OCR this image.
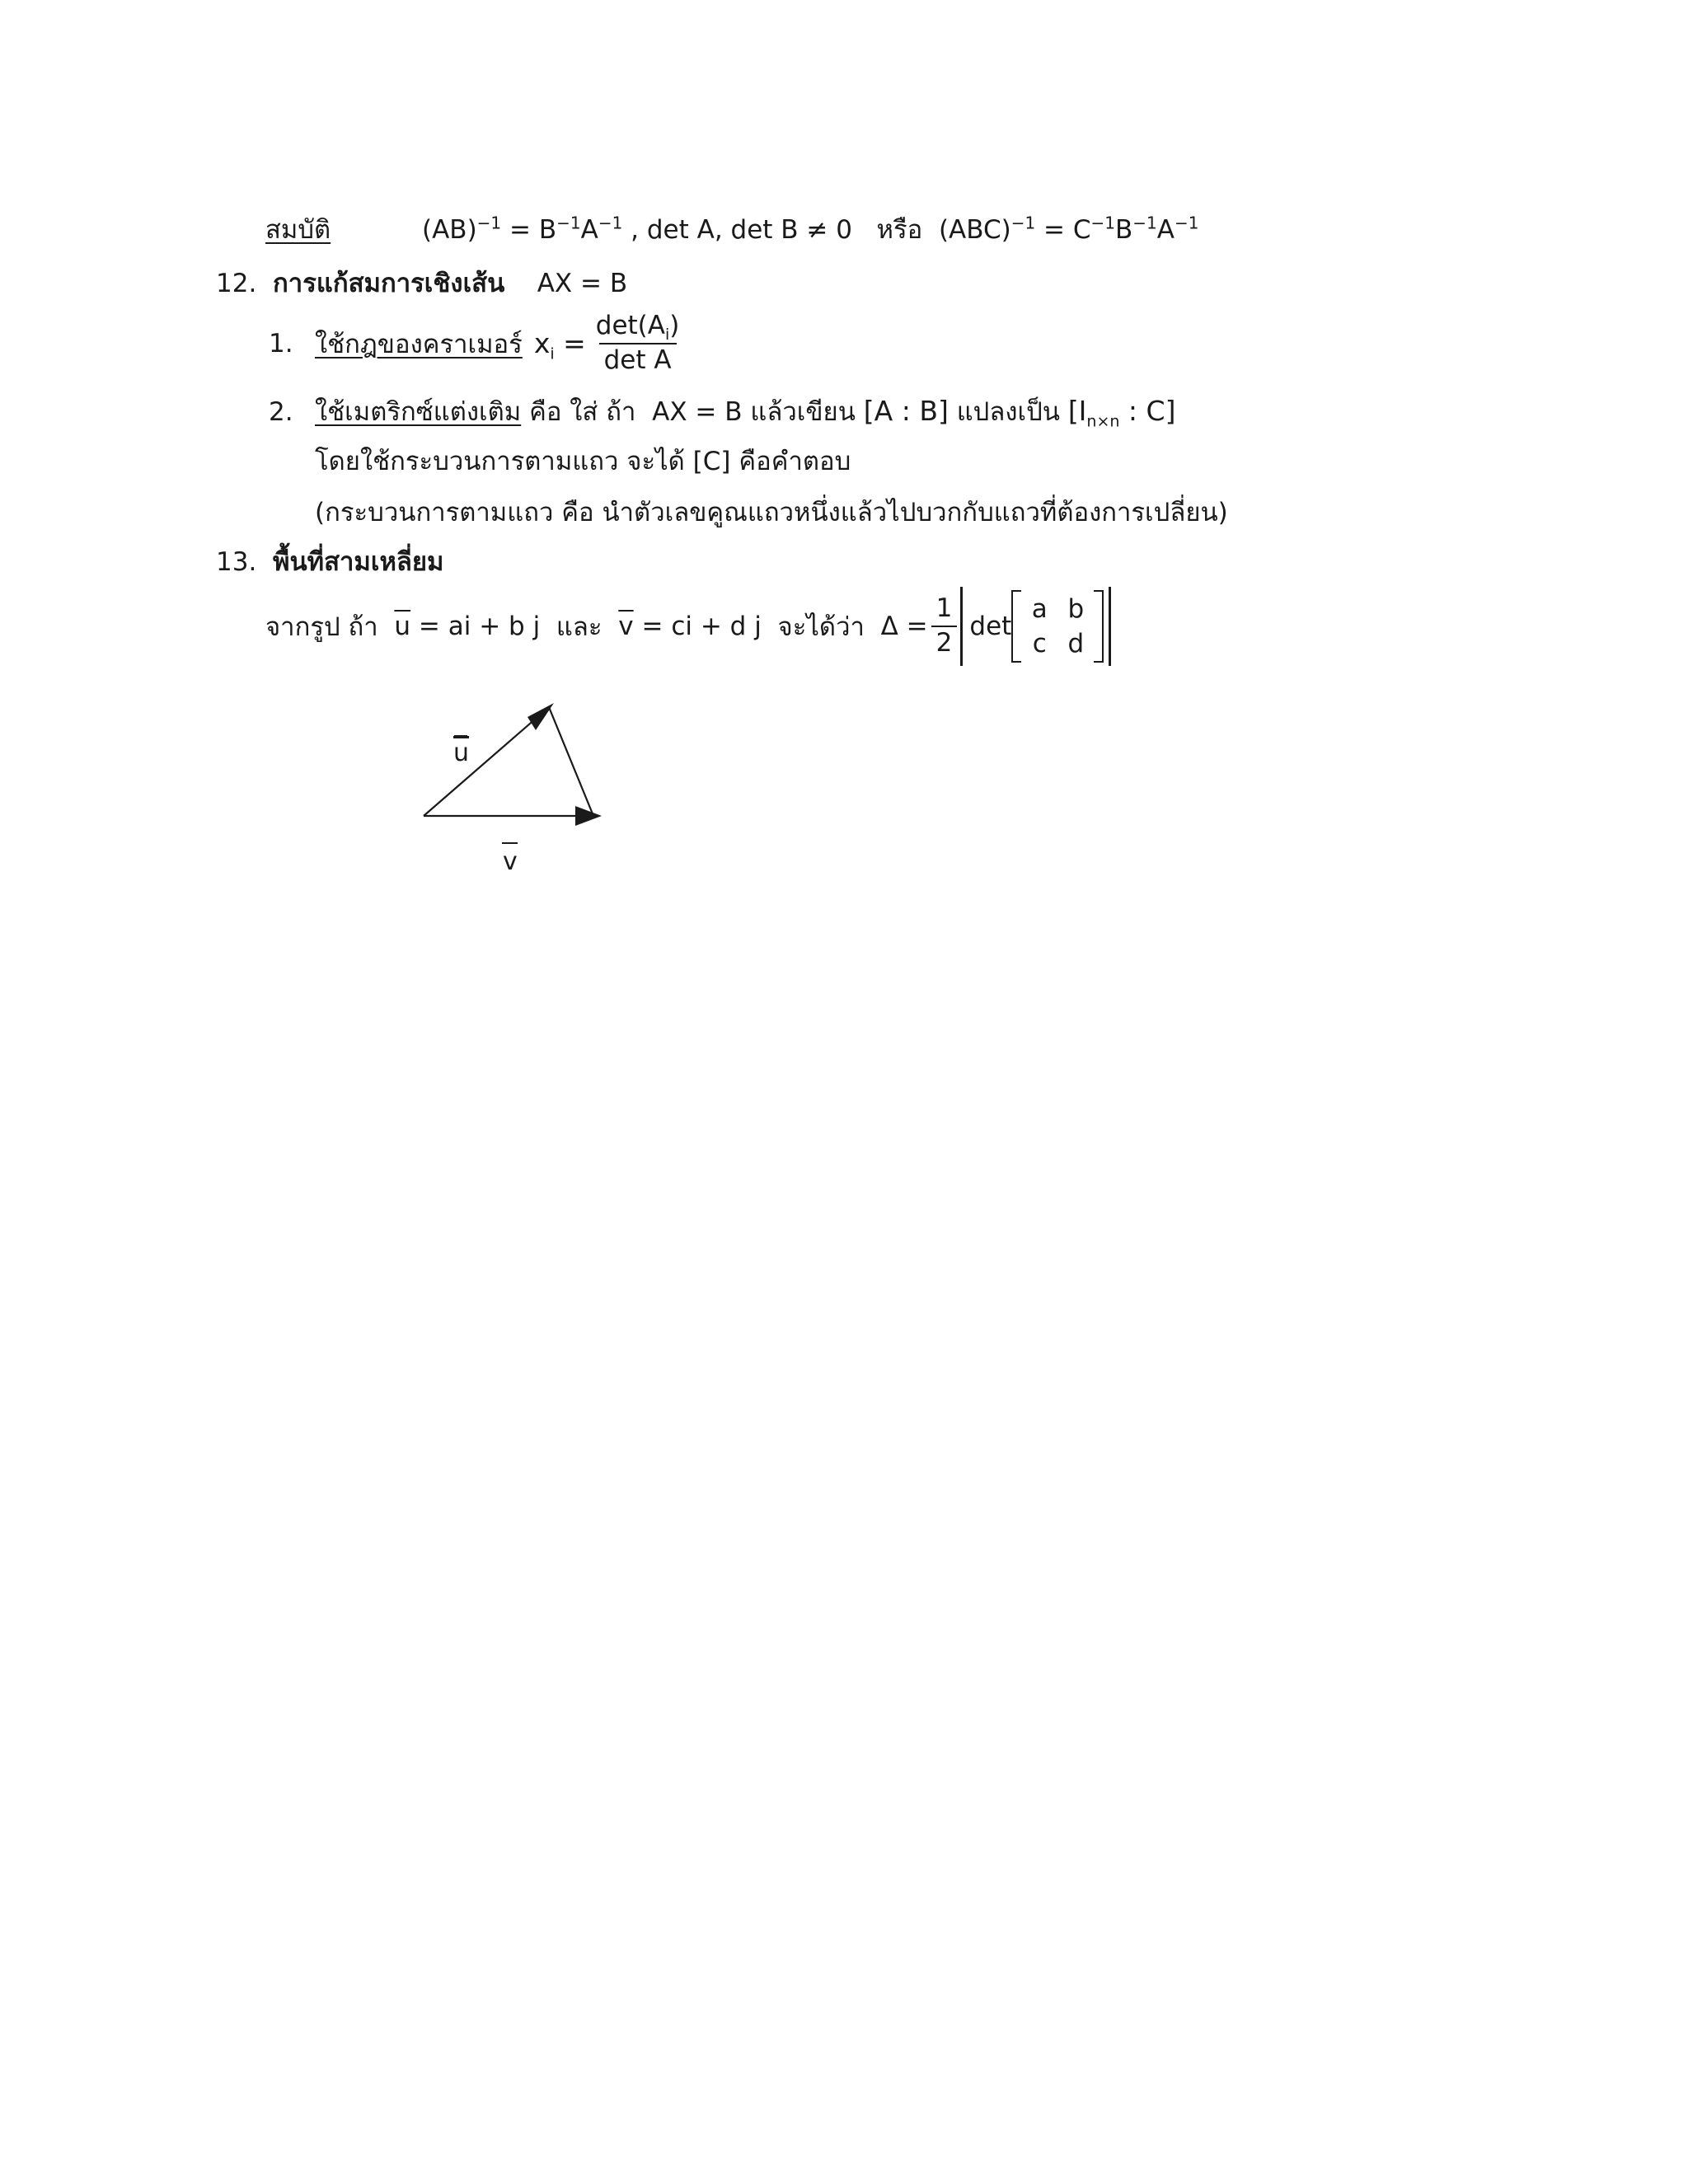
สมบัติ	$(AB)^{-1} = B^{-1}A^{-1}$ , det A, det B ≠ 0 หรือ $(ABC)^{-1} = C^{-1}B^{-1}A^{-1}$
12. การแก้สมการเชิงเส้น AX = B
1. ใช้กฎของคราเมอร์ $x_i = \frac{\det(A_i)}{\text{det A}}$
2. ใช้เมตริกซ์แต่งเติม คือ ใส่ ถ้า AX = B แล้วเขียน [A : B] แปลงเป็น [$I_{n\times n}$ : C]
โดยใช้กระบวนการตามแถว จะได้ [C] คือคำตอบ
(กระบวนการตามแถว คือ นำตัวเลขคูณแถวหนึ่งแล้วไปบวกกับแถวที่ต้องการเปลี่ยน)
13. พื้นที่สามเหลี่ยม
จากรูป ถ้า
$\overline{u}$ = ai + b j
และ
$\overline{v}$ = ci + d j
จะได้ว่า
$\Delta = \frac{1}{2}$ det
a b
c d
u
v
